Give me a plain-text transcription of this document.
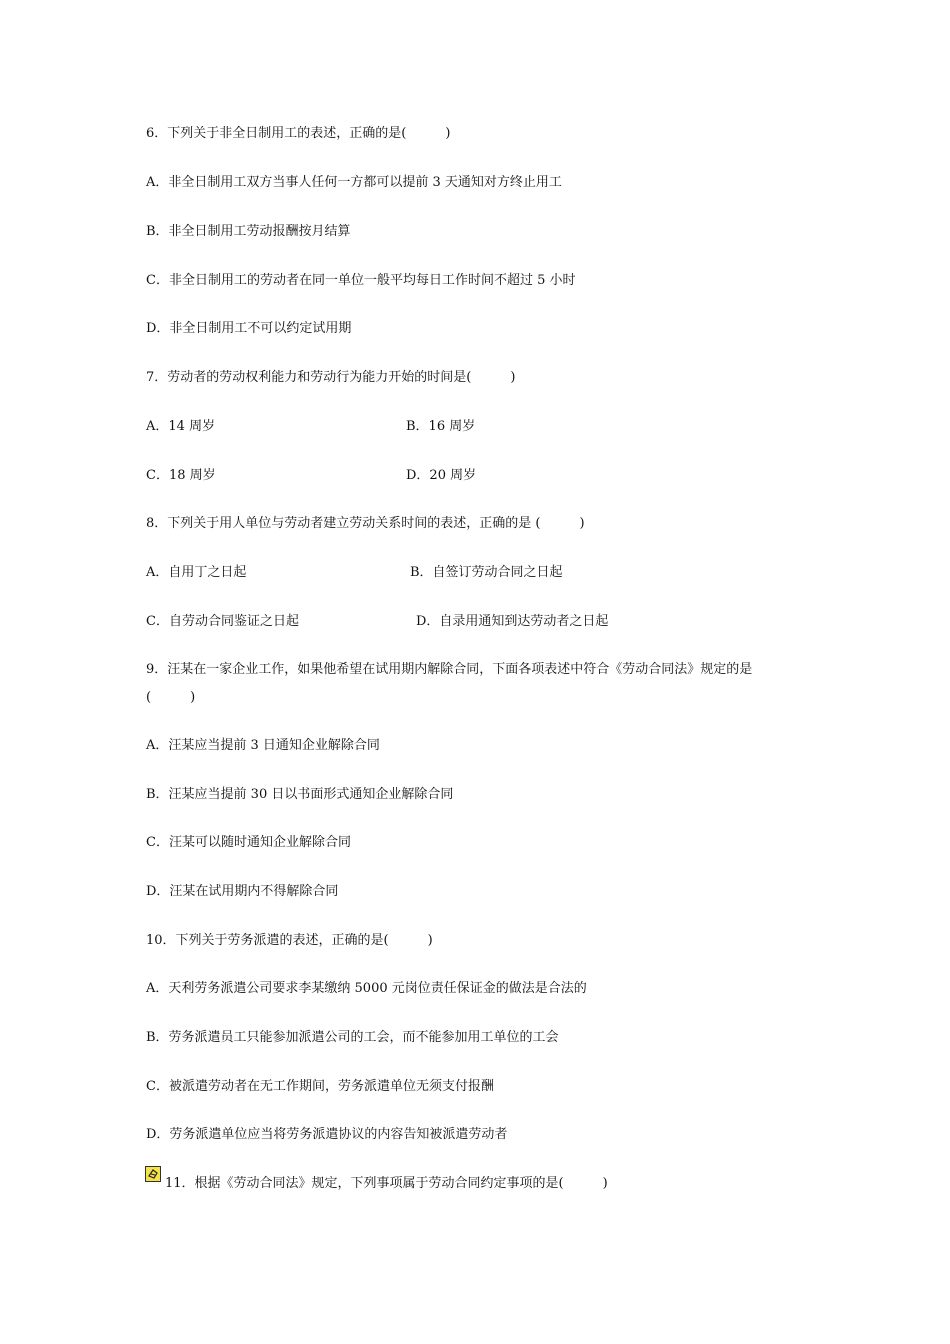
6．下列关于非全日制用工的表述，正确的是(　　　)
A．非全日制用工双方当事人任何一方都可以提前 3 天通知对方终止用工
B．非全日制用工劳动报酬按月结算
C．非全日制用工的劳动者在同一单位一般平均每日工作时间不超过 5 小时
D．非全日制用工不可以约定试用期
7．劳动者的劳动权利能力和劳动行为能力开始的时间是(　　　)
A．14 周岁	B．16 周岁
C．18 周岁	D．20 周岁
8．下列关于用人单位与劳动者建立劳动关系时间的表述，正确的是 (　　　)
A．自用丁之日起	B．自签订劳动合同之日起
C．自劳动合同鉴证之日起	D．自录用通知到达劳动者之日起
9．汪某在一家企业工作，如果他希望在试用期内解除合同，下面各项表述中符合《劳动合同法》规定的是
(　　　)
A．汪某应当提前 3 日通知企业解除合同
B．汪某应当提前 30 日以书面形式通知企业解除合同
C．汪某可以随时通知企业解除合同
D．汪某在试用期内不得解除合同
10．下列关于劳务派遣的表述，正确的是(　　　)
A．天利劳务派遣公司要求李某缴纳 5000 元岗位责任保证金的做法是合法的
B．劳务派遣员工只能参加派遣公司的工会，而不能参加用工单位的工会
C．被派遣劳动者在无工作期间，劳务派遣单位无须支付报酬
D．劳务派遣单位应当将劳务派遣协议的内容告知被派遣劳动者
11．根据《劳动合同法》规定，下列事项属于劳动合同约定事项的是(　　　)
